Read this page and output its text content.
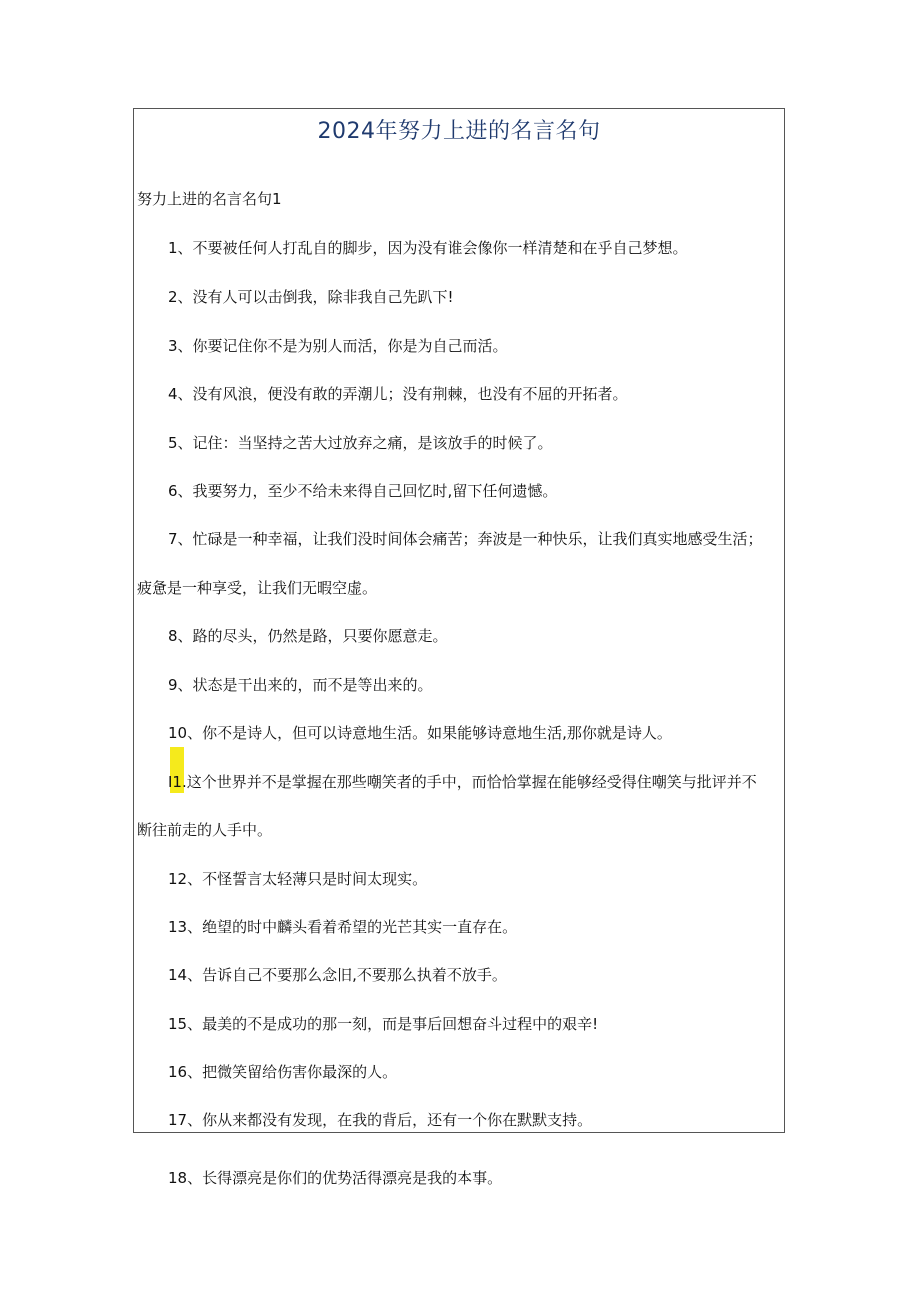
2024年努力上进的名言名句
努力上进的名言名句1
1、不要被任何人打乱自的脚步，因为没有谁会像你一样清楚和在乎自己梦想。
2、没有人可以击倒我，除非我自己先趴下!
3、你要记住你不是为别人而活，你是为自己而活。
4、没有风浪，便没有敢的弄潮儿；没有荆棘，也没有不屈的开拓者。
5、记住：当坚持之苦大过放弃之痛，是该放手的时候了。
6、我要努力，至少不给未来得自己回忆时,留下任何遗憾。
7、忙碌是一种幸福，让我们没时间体会痛苦；奔波是一种快乐，让我们真实地感受生活；
疲惫是一种享受，让我们无暇空虚。
8、路的尽头，仍然是路，只要你愿意走。
9、状态是干出来的，而不是等出来的。
10、你不是诗人，但可以诗意地生活。如果能够诗意地生活,那你就是诗人。
I1.这个世界并不是掌握在那些嘲笑者的手中，而恰恰掌握在能够经受得住嘲笑与批评并不
断往前走的人手中。
12、不怪誓言太轻薄只是时间太现实。
13、绝望的时中麟头看着希望的光芒其实一直存在。
14、告诉自己不要那么念旧,不要那么执着不放手。
15、最美的不是成功的那一刻，而是事后回想奋斗过程中的艰辛!
16、把微笑留给伤害你最深的人。
17、你从来都没有发现，在我的背后，还有一个你在默默支持。
18、长得漂亮是你们的优势活得漂亮是我的本事。
